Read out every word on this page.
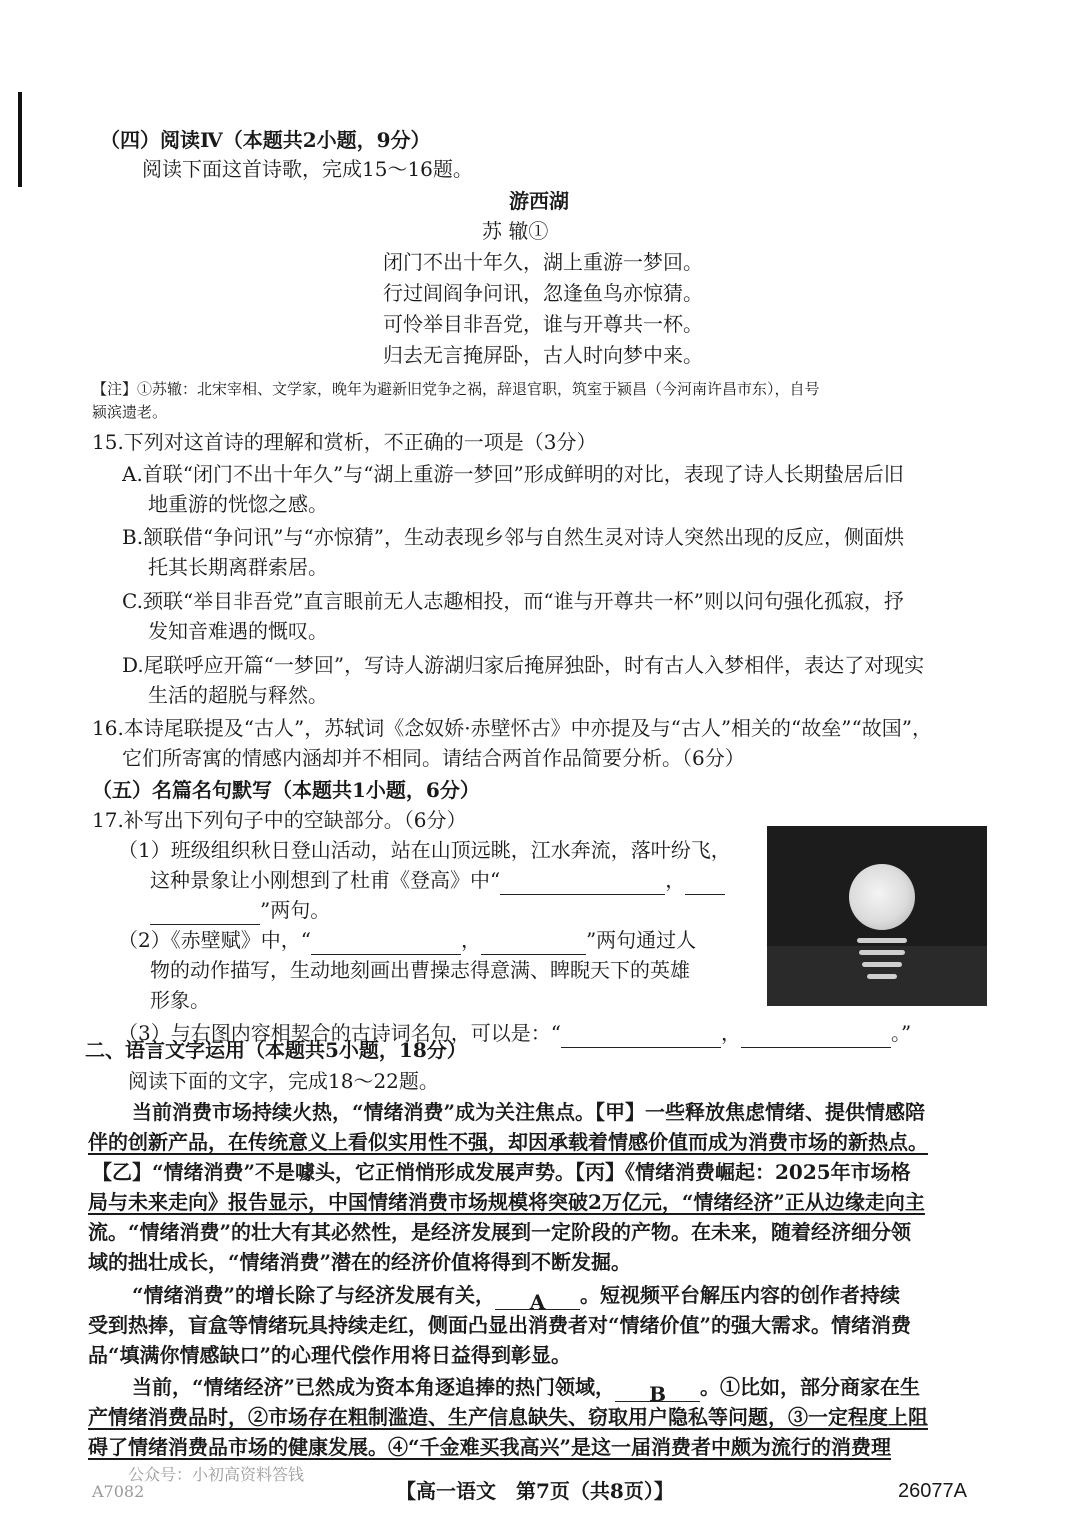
（四）阅读Ⅳ（本题共2小题，9分）

阅读下面这首诗歌，完成15～16题。

游西湖

苏 辙①

闭门不出十年久，湖上重游一梦回。

行过闾阎争问讯，忽逢鱼鸟亦惊猜。

可怜举目非吾党，谁与开尊共一杯。

归去无言掩屏卧，古人时向梦中来。

【注】①苏辙：北宋宰相、文学家，晚年为避新旧党争之祸，辞退官职，筑室于颍昌（今河南许昌市东），自号

颍滨遗老。

15.下列对这首诗的理解和赏析，不正确的一项是（3分）

A.首联“闭门不出十年久”与“湖上重游一梦回”形成鲜明的对比，表现了诗人长期蛰居后旧

地重游的恍惚之感。

B.颔联借“争问讯”与“亦惊猜”，生动表现乡邻与自然生灵对诗人突然出现的反应，侧面烘

托其长期离群索居。

C.颈联“举目非吾党”直言眼前无人志趣相投，而“谁与开尊共一杯”则以问句强化孤寂，抒

发知音难遇的慨叹。

D.尾联呼应开篇“一梦回”，写诗人游湖归家后掩屏独卧，时有古人入梦相伴，表达了对现实

生活的超脱与释然。

16.本诗尾联提及“古人”，苏轼词《念奴娇·赤壁怀古》中亦提及与“古人”相关的“故垒”“故国”，

它们所寄寓的情感内涵却并不相同。请结合两首作品简要分析。（6分）

（五）名篇名句默写（本题共1小题，6分）

17.补写出下列句子中的空缺部分。（6分）

（1）班级组织秋日登山活动，站在山顶远眺，江水奔流，落叶纷飞，

这种景象让小刚想到了杜甫《登高》中“	，

”两句。

（2）《赤壁赋》中，“	，	”两句通过人

物的动作描写，生动地刻画出曹操志得意满、睥睨天下的英雄

形象。

（3）与右图内容相契合的古诗词名句，可以是：“	，	。”

二、语言文字运用（本题共5小题，18分）

阅读下面的文字，完成18～22题。

当前消费市场持续火热，“情绪消费”成为关注焦点。【甲】一些释放焦虑情绪、提供情感陪

伴的创新产品，在传统意义上看似实用性不强，却因承载着情感价值而成为消费市场的新热点。

【乙】“情绪消费”不是噱头，它正悄悄形成发展声势。【丙】《情绪消费崛起：2025年市场格

局与未来走向》报告显示，中国情绪消费市场规模将突破2万亿元，“情绪经济”正从边缘走向主

流。“情绪消费”的壮大有其必然性，是经济发展到一定阶段的产物。在未来，随着经济细分领

域的拙壮成长，“情绪消费”潜在的经济价值将得到不断发掘。

“情绪消费”的增长除了与经济发展有关， A 。短视频平台解压内容的创作者持续

受到热捧，盲盒等情绪玩具持续走红，侧面凸显出消费者对“情绪价值”的强大需求。情绪消费

品“填满你情感缺口”的心理代偿作用将日益得到彰显。

当前，“情绪经济”已然成为资本角逐追捧的热门领域， B 。①比如，部分商家在生

产情绪消费品时，②市场存在粗制滥造、生产信息缺失、窃取用户隐私等问题，③一定程度上阻

碍了情绪消费品市场的健康发展。④“千金难买我高兴”是这一届消费者中颇为流行的消费理

公众号：小初高资料答钱
A7082	【高一语文　第7页（共8页）】	26077A
